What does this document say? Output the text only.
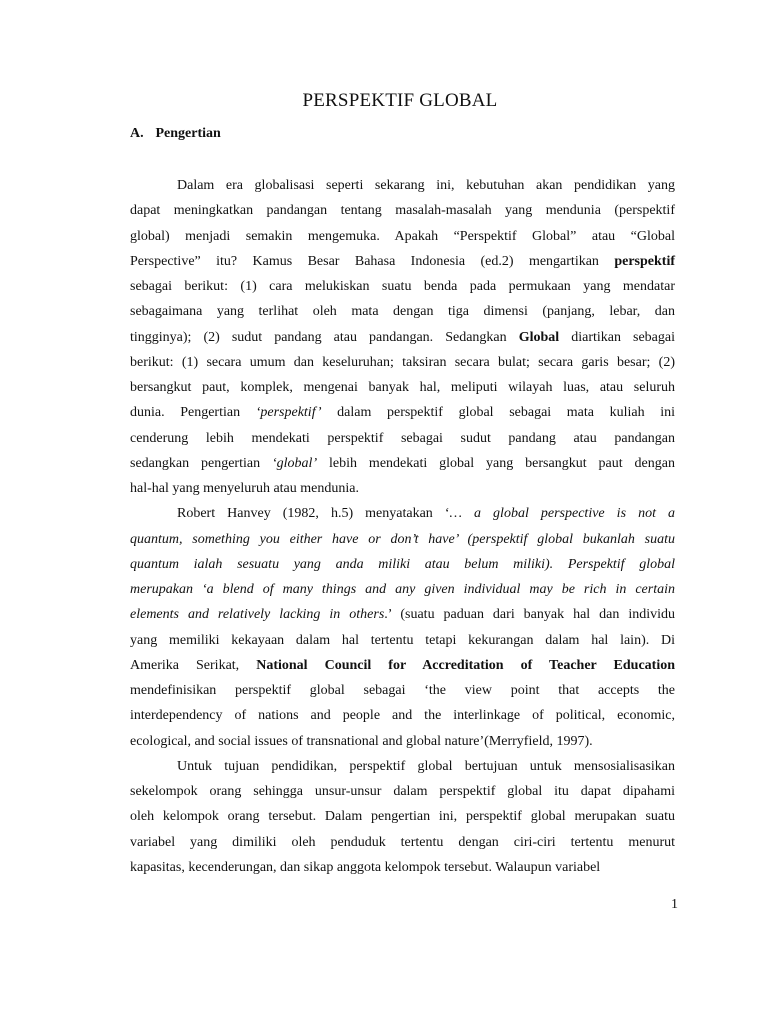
PERSPEKTIF GLOBAL
A. Pengertian
Dalam era globalisasi seperti sekarang ini, kebutuhan akan pendidikan yang
dapat meningkatkan pandangan tentang masalah-masalah yang mendunia (perspektif
global) menjadi semakin mengemuka. Apakah “Perspektif Global” atau “Global
Perspective” itu? Kamus Besar Bahasa Indonesia (ed.2) mengartikan perspektif
sebagai berikut: (1) cara melukiskan suatu benda pada permukaan yang mendatar
sebagaimana yang terlihat oleh mata dengan tiga dimensi (panjang, lebar, dan
tingginya); (2) sudut pandang atau pandangan. Sedangkan Global diartikan sebagai
berikut: (1) secara umum dan keseluruhan; taksiran secara bulat; secara garis besar; (2)
bersangkut paut, komplek, mengenai banyak hal, meliputi wilayah luas, atau seluruh
dunia. Pengertian ‘perspektif’ dalam perspektif global sebagai mata kuliah ini
cenderung lebih mendekati perspektif sebagai sudut pandang atau pandangan
sedangkan pengertian ‘global’ lebih mendekati global yang bersangkut paut dengan
hal-hal yang menyeluruh atau mendunia.
Robert Hanvey (1982, h.5) menyatakan ‘… a global perspective is not a
quantum, something you either have or don’t have’ (perspektif global bukanlah suatu
quantum ialah sesuatu yang anda miliki atau belum miliki). Perspektif global
merupakan ‘a blend of many things and any given individual may be rich in certain
elements and relatively lacking in others.’ (suatu paduan dari banyak hal dan individu
yang memiliki kekayaan dalam hal tertentu tetapi kekurangan dalam hal lain). Di
Amerika Serikat, National Council for Accreditation of Teacher Education
mendefinisikan perspektif global sebagai ‘the view point that accepts the
interdependency of nations and people and the interlinkage of political, economic,
ecological, and social issues of transnational and global nature’(Merryfield, 1997).
Untuk tujuan pendidikan, perspektif global bertujuan untuk mensosialisasikan
sekelompok orang sehingga unsur-unsur dalam perspektif global itu dapat dipahami
oleh kelompok orang tersebut. Dalam pengertian ini, perspektif global merupakan suatu
variabel yang dimiliki oleh penduduk tertentu dengan ciri-ciri tertentu menurut
kapasitas, kecenderungan, dan sikap anggota kelompok tersebut. Walaupun variabel
1
